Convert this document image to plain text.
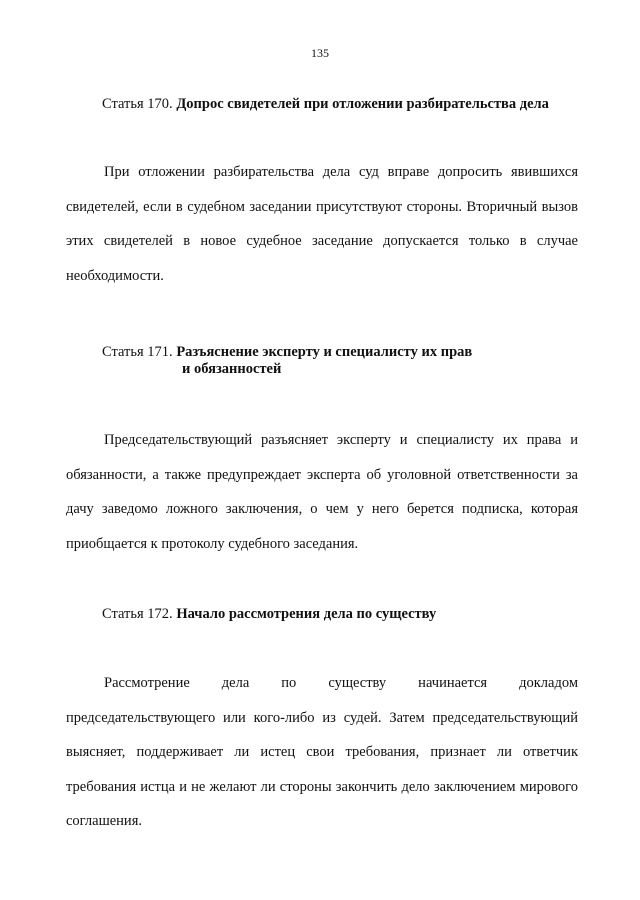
135
Статья 170. Допрос свидетелей при отложении разбирательства дела

При отложении разбирательства дела суд вправе допросить явившихся свидетелей, если в судебном заседании присутствуют стороны. Вторичный вызов этих свидетелей в новое судебное заседание допускается только в случае необходимости.

Статья 171. Разъяснение эксперту и специалисту их прав
и обязанностей

Председательствующий разъясняет эксперту и специалисту их права и обязанности, а также предупреждает эксперта об уголовной ответственности за дачу заведомо ложного заключения, о чем у него берется подписка, которая приобщается к протоколу судебного заседания.

Статья 172. Начало рассмотрения дела по существу

Рассмотрение дела по существу начинается докладом председательствующего или кого-либо из судей. Затем председательствующий выясняет, поддерживает ли истец свои требования, признает ли ответчик требования истца и не желают ли стороны закончить дело заключением мирового соглашения.
